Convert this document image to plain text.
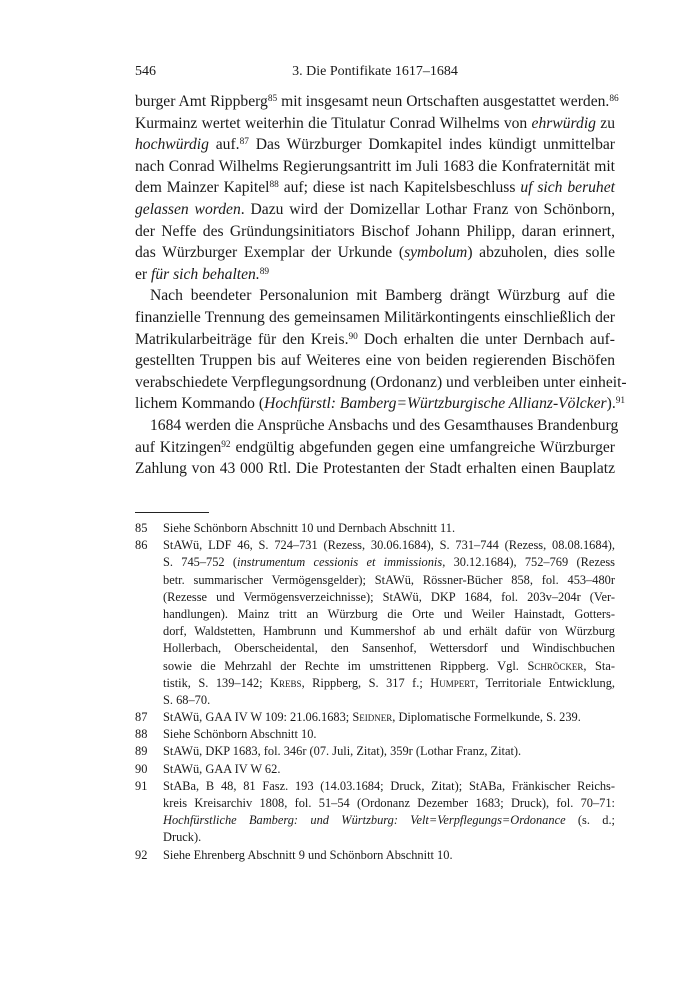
546	3. Die Pontifikate 1617–1684
burger Amt Rippberg$^{85}$ mit insgesamt neun Ortschaften ausgestattet werden.$^{86}$
Kurmainz wertet weiterhin die Titulatur Conrad Wilhelms von ehrwürdig zu
hochwürdig auf.$^{87}$ Das Würzburger Domkapitel indes kündigt unmittelbar
nach Conrad Wilhelms Regierungsantritt im Juli 1683 die Konfraternität mit
dem Mainzer Kapitel$^{88}$ auf; diese ist nach Kapitelsbeschluss uf sich beruhet
gelassen worden. Dazu wird der Domizellar Lothar Franz von Schönborn,
der Neffe des Gründungsinitiators Bischof Johann Philipp, daran erinnert,
das Würzburger Exemplar der Urkunde (symbolum) abzuholen, dies solle
er für sich behalten.$^{89}$
Nach beendeter Personalunion mit Bamberg drängt Würzburg auf die
finanzielle Trennung des gemeinsamen Militärkontingents einschließlich der
Matrikularbeiträge für den Kreis.$^{90}$ Doch erhalten die unter Dernbach auf-
gestellten Truppen bis auf Weiteres eine von beiden regierenden Bischöfen
verabschiedete Verpflegungsordnung (Ordonanz) und verbleiben unter einheit-
lichem Kommando (Hochfürstl: Bamberg=Würtzburgische Allianz-Völcker).$^{91}$
1684 werden die Ansprüche Ansbachs und des Gesamthauses Brandenburg
auf Kitzingen$^{92}$ endgültig abgefunden gegen eine umfangreiche Würzburger
Zahlung von 43 000 Rtl. Die Protestanten der Stadt erhalten einen Bauplatz
85 Siehe Schönborn Abschnitt 10 und Dernbach Abschnitt 11.
86 StAWü, LDF 46, S. 724–731 (Rezess, 30.06.1684), S. 731–744 (Rezess, 08.08.1684),
S. 745–752 (instrumentum cessionis et immissionis, 30.12.1684), 752–769 (Rezess
betr. summarischer Vermögensgelder); StAWü, Rössner-Bücher 858, fol. 453–480r
(Rezesse und Vermögensverzeichnisse); StAWü, DKP 1684, fol. 203v–204r (Ver-
handlungen). Mainz tritt an Würzburg die Orte und Weiler Hainstadt, Gotters-
dorf, Waldstetten, Hambrunn und Kummershof ab und erhält dafür von Würzburg
Hollerbach, Oberscheidental, den Sansenhof, Wettersdorf und Windischbuchen
sowie die Mehrzahl der Rechte im umstrittenen Rippberg. Vgl. Schröcker, Sta-
tistik, S. 139–142; Krebs, Rippberg, S. 317 f.; Humpert, Territoriale Entwicklung,
S. 68–70.
87 StAWü, GAA IV W 109: 21.06.1683; Seidner, Diplomatische Formelkunde, S. 239.
88 Siehe Schönborn Abschnitt 10.
89 StAWü, DKP 1683, fol. 346r (07. Juli, Zitat), 359r (Lothar Franz, Zitat).
90 StAWü, GAA IV W 62.
91 StABa, B 48, 81 Fasz. 193 (14.03.1684; Druck, Zitat); StABa, Fränkischer Reichs-
kreis Kreisarchiv 1808, fol. 51–54 (Ordonanz Dezember 1683; Druck), fol. 70–71:
Hochfürstliche Bamberg: und Würtzburg: Velt=Verpflegungs=Ordonance (s. d.;
Druck).
92 Siehe Ehrenberg Abschnitt 9 und Schönborn Abschnitt 10.
